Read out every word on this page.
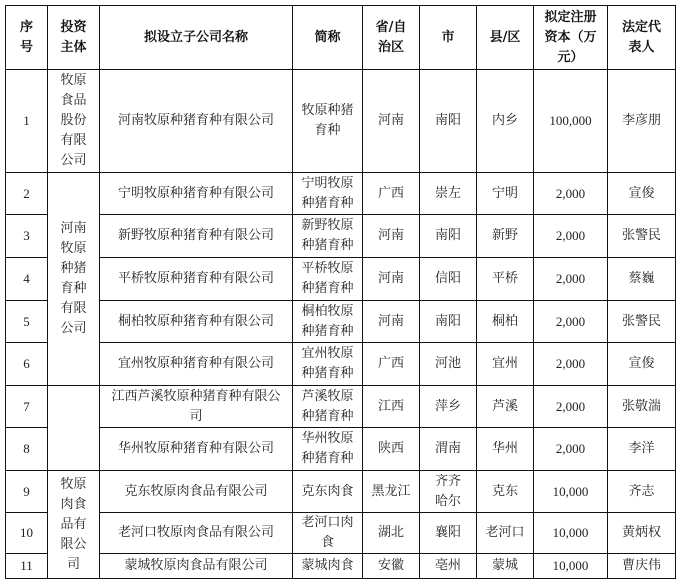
序号	投资主体	拟设立子公司名称	简称	省/自治区	市	县/区	拟定注册资本（万元）	法定代表人
1	牧原食品股份有限公司	河南牧原种猪育种有限公司	牧原种猪育种	河南	南阳	内乡	100,000	李彦朋
2	河南牧原种猪育种有限公司	宁明牧原种猪育种有限公司	宁明牧原种猪育种	广西	崇左	宁明	2,000	宣俊
3		新野牧原种猪育种有限公司	新野牧原种猪育种	河南	南阳	新野	2,000	张警民
4		平桥牧原种猪育种有限公司	平桥牧原种猪育种	河南	信阳	平桥	2,000	蔡巍
5		桐柏牧原种猪育种有限公司	桐柏牧原种猪育种	河南	南阳	桐柏	2,000	张警民
6		宜州牧原种猪育种有限公司	宜州牧原种猪育种	广西	河池	宜州	2,000	宣俊
7		江西芦溪牧原种猪育种有限公司	芦溪牧原种猪育种	江西	萍乡	芦溪	2,000	张敬湍
8		华州牧原种猪育种有限公司	华州牧原种猪育种	陕西	渭南	华州	2,000	李洋
9	牧原肉食品有限公司	克东牧原肉食品有限公司	克东肉食	黑龙江	齐齐哈尔	克东	10,000	齐志
10		老河口牧原肉食品有限公司	老河口肉食	湖北	襄阳	老河口	10,000	黄炳权
11		蒙城牧原肉食品有限公司	蒙城肉食	安徽	亳州	蒙城	10,000	曹庆伟
